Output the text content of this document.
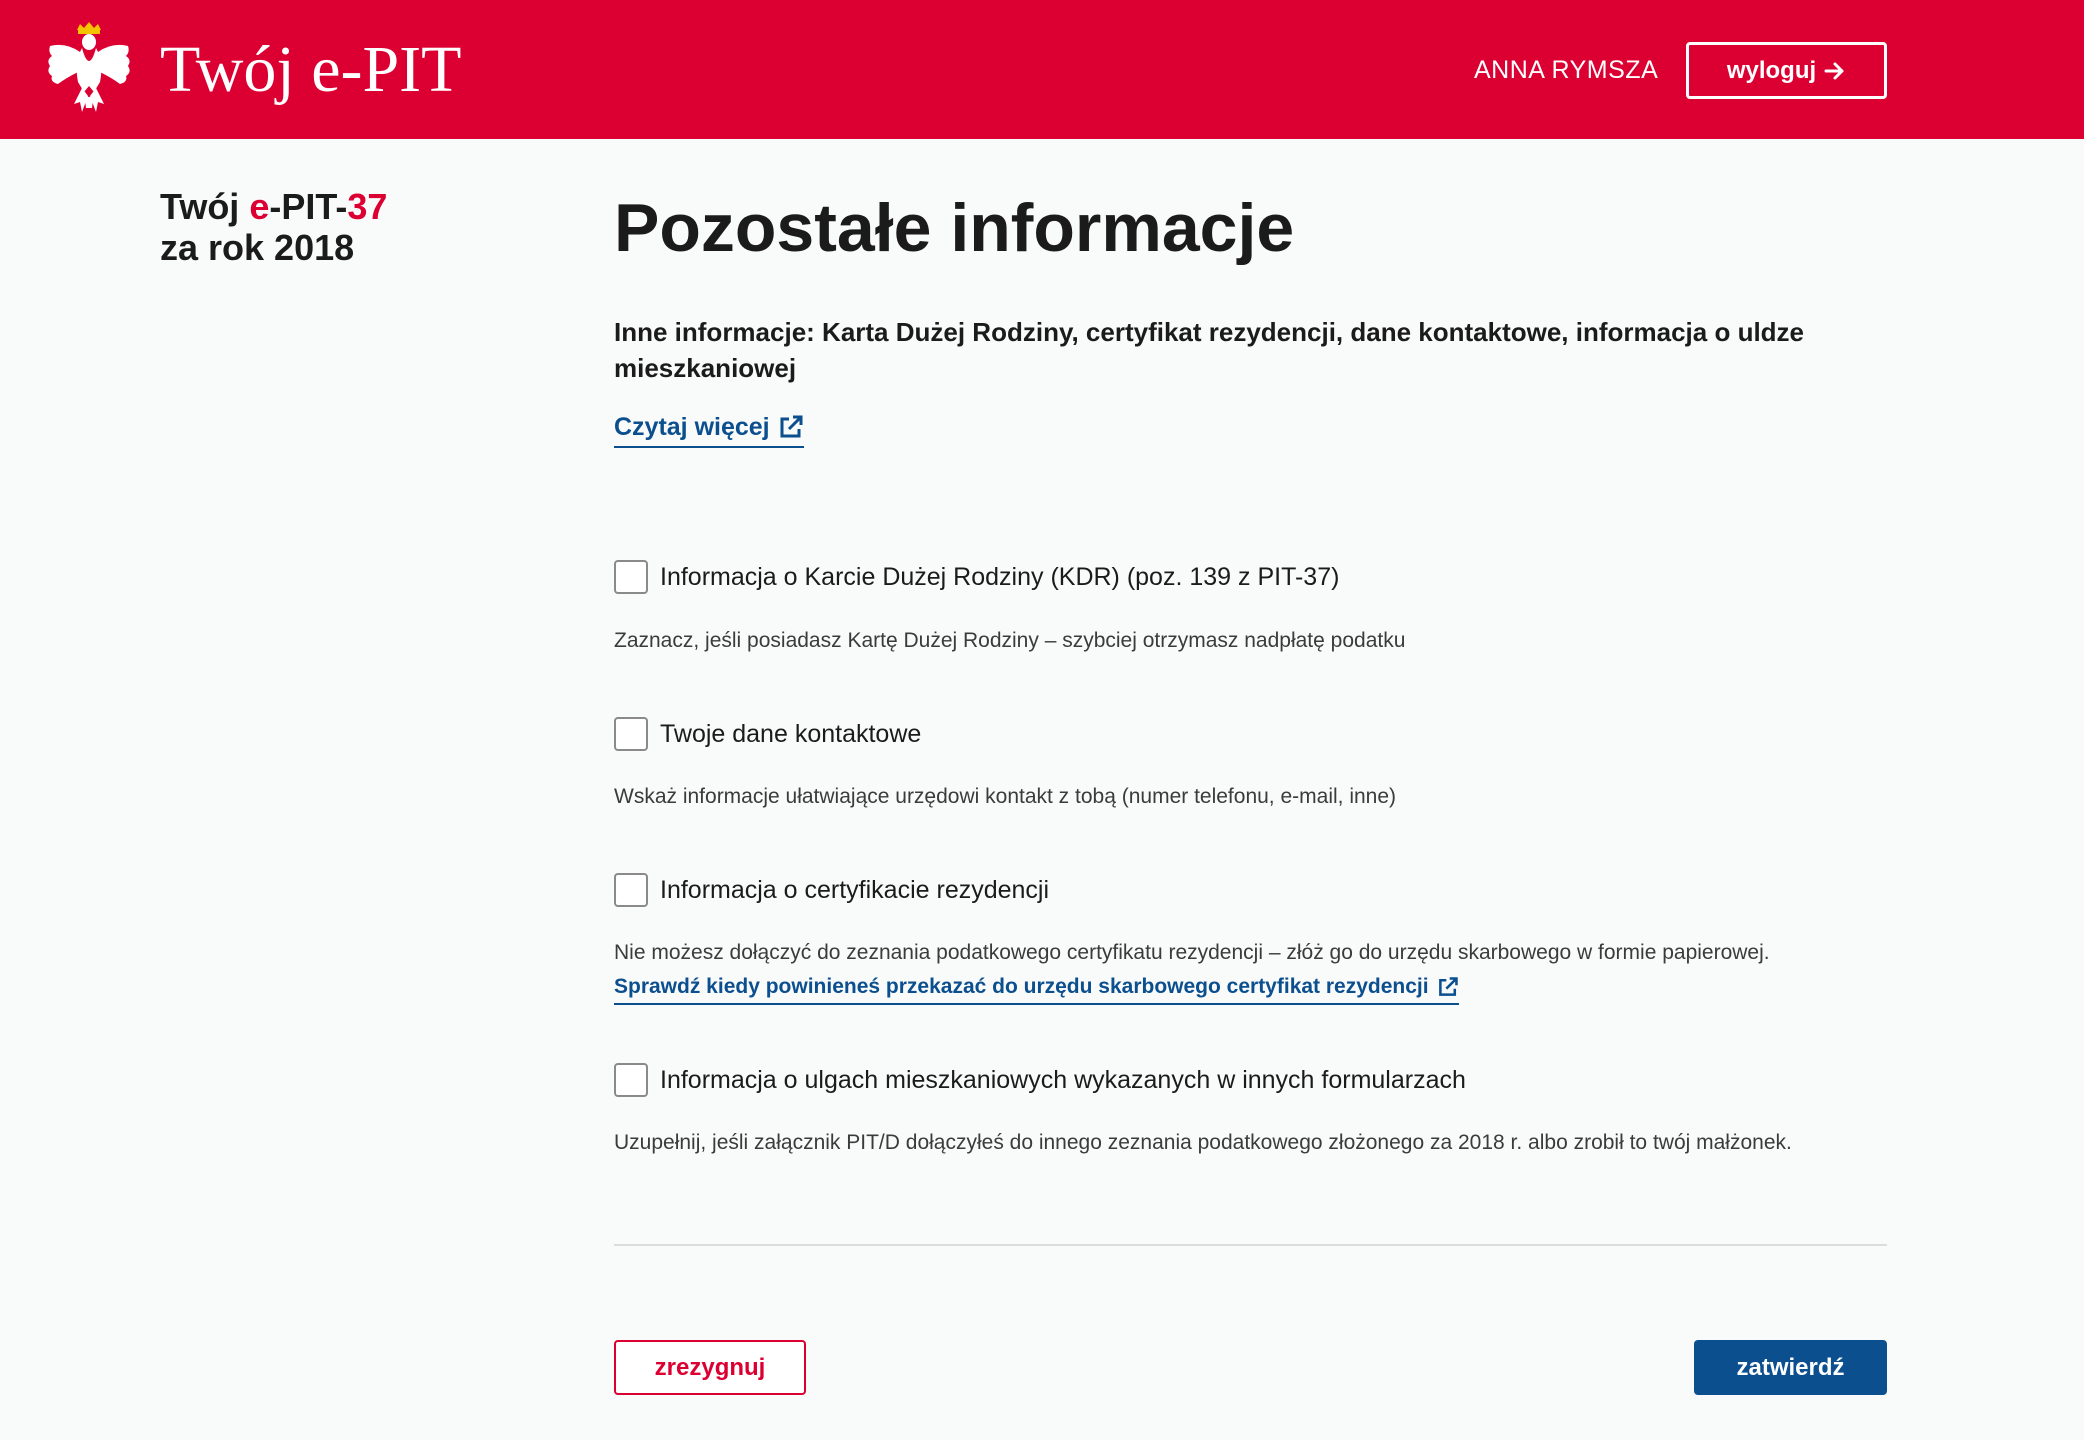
Twój e-PIT	ANNA RYMSZA	wyloguj
Twój e-PIT-37
za rok 2018	Pozostałe informacje

Inne informacje: Karta Dużej Rodziny, certyfikat rezydencji, dane kontaktowe, informacja o uldze mieszkaniowej

Czytaj więcej
Informacja o Karcie Dużej Rodziny (KDR) (poz. 139 z PIT-37)
Zaznacz, jeśli posiadasz Kartę Dużej Rodziny – szybciej otrzymasz nadpłatę podatku
Twoje dane kontaktowe
Wskaż informacje ułatwiające urzędowi kontakt z tobą (numer telefonu, e-mail, inne)
Informacja o certyfikacie rezydencji
Nie możesz dołączyć do zeznania podatkowego certyfikatu rezydencji – złóż go do urzędu skarbowego w formie papierowej.
Sprawdź kiedy powinieneś przekazać do urzędu skarbowego certyfikat rezydencji
Informacja o ulgach mieszkaniowych wykazanych w innych formularzach
Uzupełnij, jeśli załącznik PIT/D dołączyłeś do innego zeznania podatkowego złożonego za 2018 r. albo zrobił to twój małżonek.
zrezygnuj	zatwierdź
